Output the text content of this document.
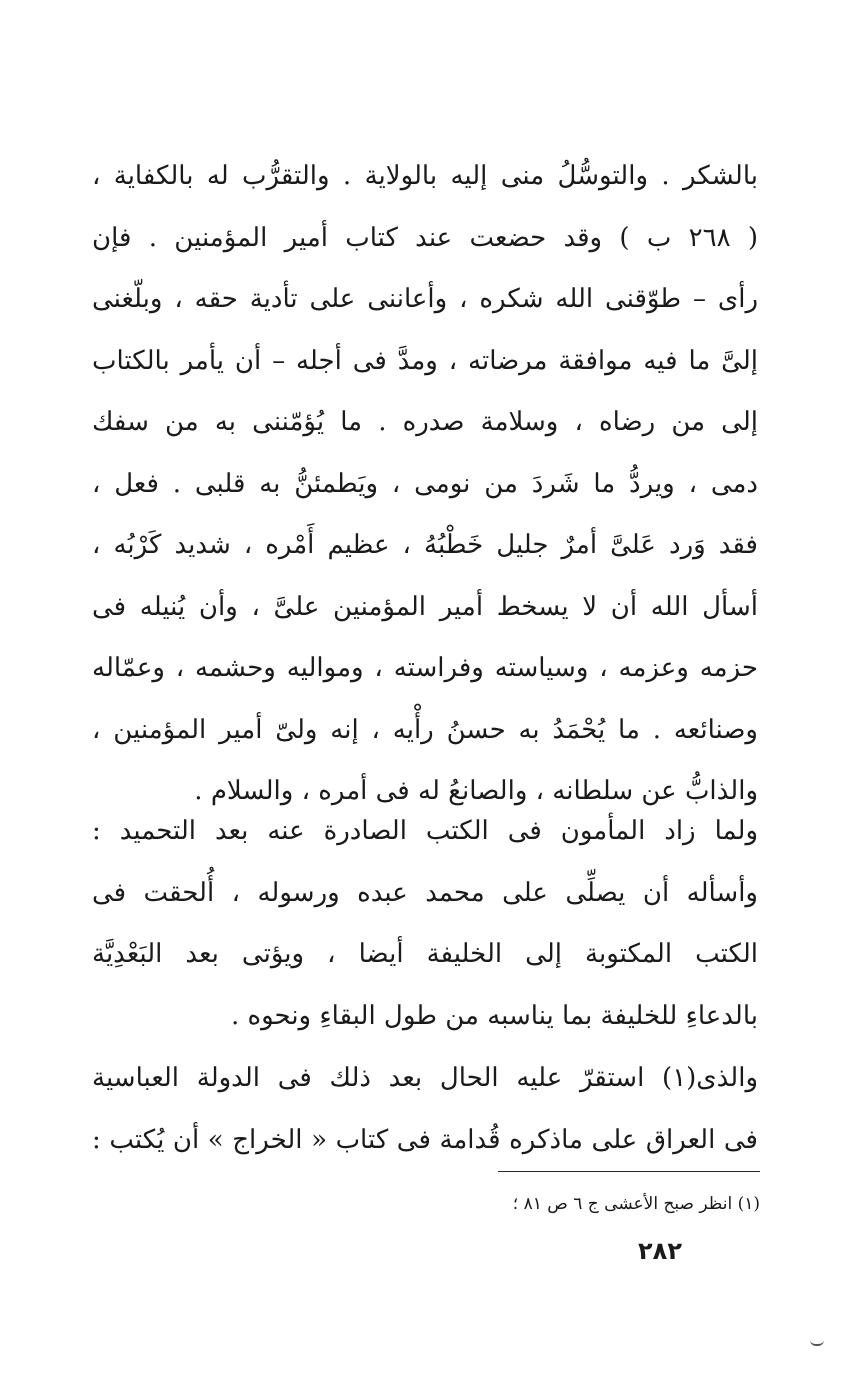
بالشكر . والتوسُّلُ منى إليه بالولاية . والتقرُّب له بالكفاية ،
( ٢٦٨ ب ) وقد حضعت عند كتاب أمير المؤمنين . فإن
رأى – طوّقنى الله شكره ، وأعاننى على تأدية حقه ، وبلّغنى
إلىَّ ما فيه موافقة مرضاته ، ومدَّ فى أجله – أن يأمر بالكتاب
إلى من رضاه ، وسلامة صدره . ما يُؤمّننى به من سفك
دمى ، ويردُّ ما شَردَ من نومى ، ويَطمئنُّ به قلبى . فعل ،
فقد وَرد عَلىَّ أمرٌ جليل خَطْبُهُ ، عظيم أَمْره ، شديد كَرْبُه ،
أسأل الله أن لا يسخط أمير المؤمنين علىَّ ، وأن يُنيله فى
حزمه وعزمه ، وسياسته وفراسته ، ومواليه وحشمه ، وعمّاله
وصنائعه . ما يُحْمَدُ به حسنُ رأْيه ، إنه ولىّ أمير المؤمنين ،
والذابُّ عن سلطانه ، والصانعُ له فى أمره ، والسلام .
ولما زاد المأمون فى الكتب الصادرة عنه بعد التحميد :
وأسأله أن يصلِّى على محمد عبده ورسوله ، أُلحقت فى
الكتب المكتوبة إلى الخليفة أيضا ، ويؤتى بعد البَعْدِيَّة
بالدعاءِ للخليفة بما يناسبه من طول البقاءِ ونحوه .
والذى(١) استقرّ عليه الحال بعد ذلك فى الدولة العباسية
فى العراق على ماذكره قُدامة فى كتاب « الخراج » أن يُكتب :
(١) انظر صبح الأعشى ج ٦ ص ٨١ ؛
٢٨٢
